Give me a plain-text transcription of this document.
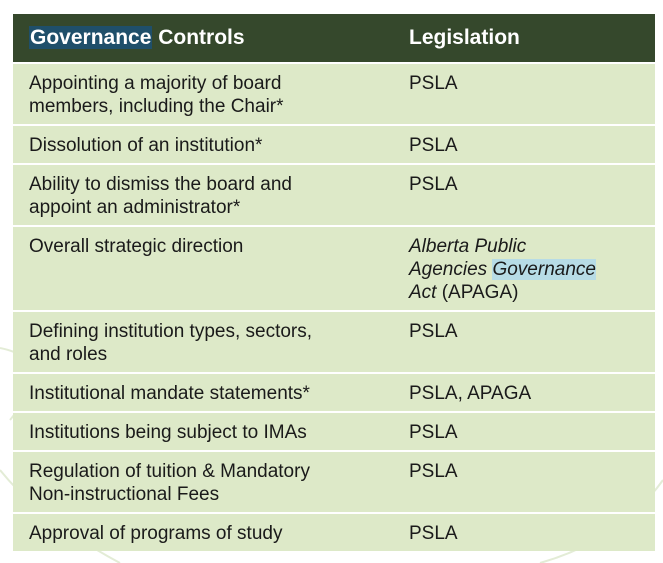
Governance Controls	Legislation
Appointing a majority of board
members, including the Chair*	PSLA
Dissolution of an institution*	PSLA
Ability to dismiss the board and
appoint an administrator*	PSLA
Overall strategic direction	Alberta Public
Agencies Governance
Act (APAGA)
Defining institution types, sectors,
and roles	PSLA
Institutional mandate statements*	PSLA, APAGA
Institutions being subject to IMAs	PSLA
Regulation of tuition & Mandatory
Non-instructional Fees	PSLA
Approval of programs of study	PSLA
